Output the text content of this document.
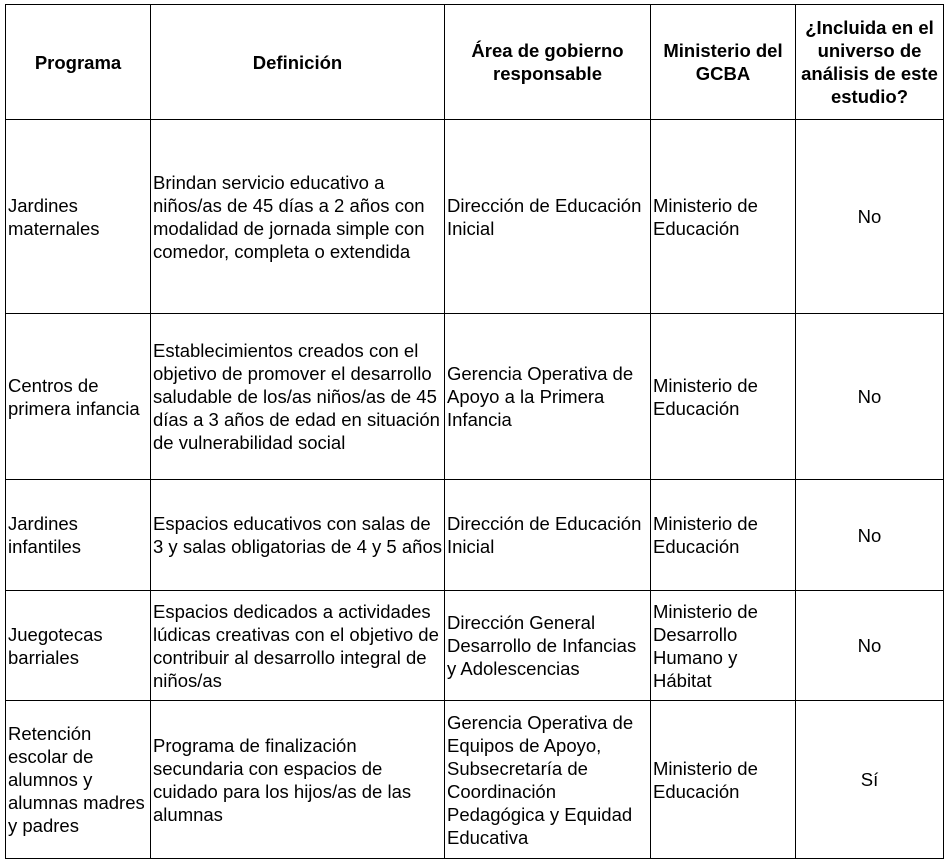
Programa	Definición	Área de gobierno responsable	Ministerio del GCBA	¿Incluida en el universo de análisis de este estudio?
Jardines maternales	Brindan servicio educativo a niños/as de 45 días a 2 años con modalidad de jornada simple con comedor, completa o extendida	Dirección de Educación Inicial	Ministerio de Educación	No
Centros de primera infancia	Establecimientos creados con el objetivo de promover el desarrollo saludable de los/as niños/as de 45 días a 3 años de edad en situación de vulnerabilidad social	Gerencia Operativa de Apoyo a la Primera Infancia	Ministerio de Educación	No
Jardines infantiles	Espacios educativos con salas de 3 y salas obligatorias de 4 y 5 años	Dirección de Educación Inicial	Ministerio de Educación	No
Juegotecas barriales	Espacios dedicados a actividades lúdicas creativas con el objetivo de contribuir al desarrollo integral de niños/as	Dirección General Desarrollo de Infancias y Adolescencias	Ministerio de Desarrollo Humano y Hábitat	No
Retención escolar de alumnos y alumnas madres y padres	Programa de finalización secundaria con espacios de cuidado para los hijos/as de las alumnas	Gerencia Operativa de Equipos de Apoyo, Subsecretaría de Coordinación Pedagógica y Equidad Educativa	Ministerio de Educación	Sí
